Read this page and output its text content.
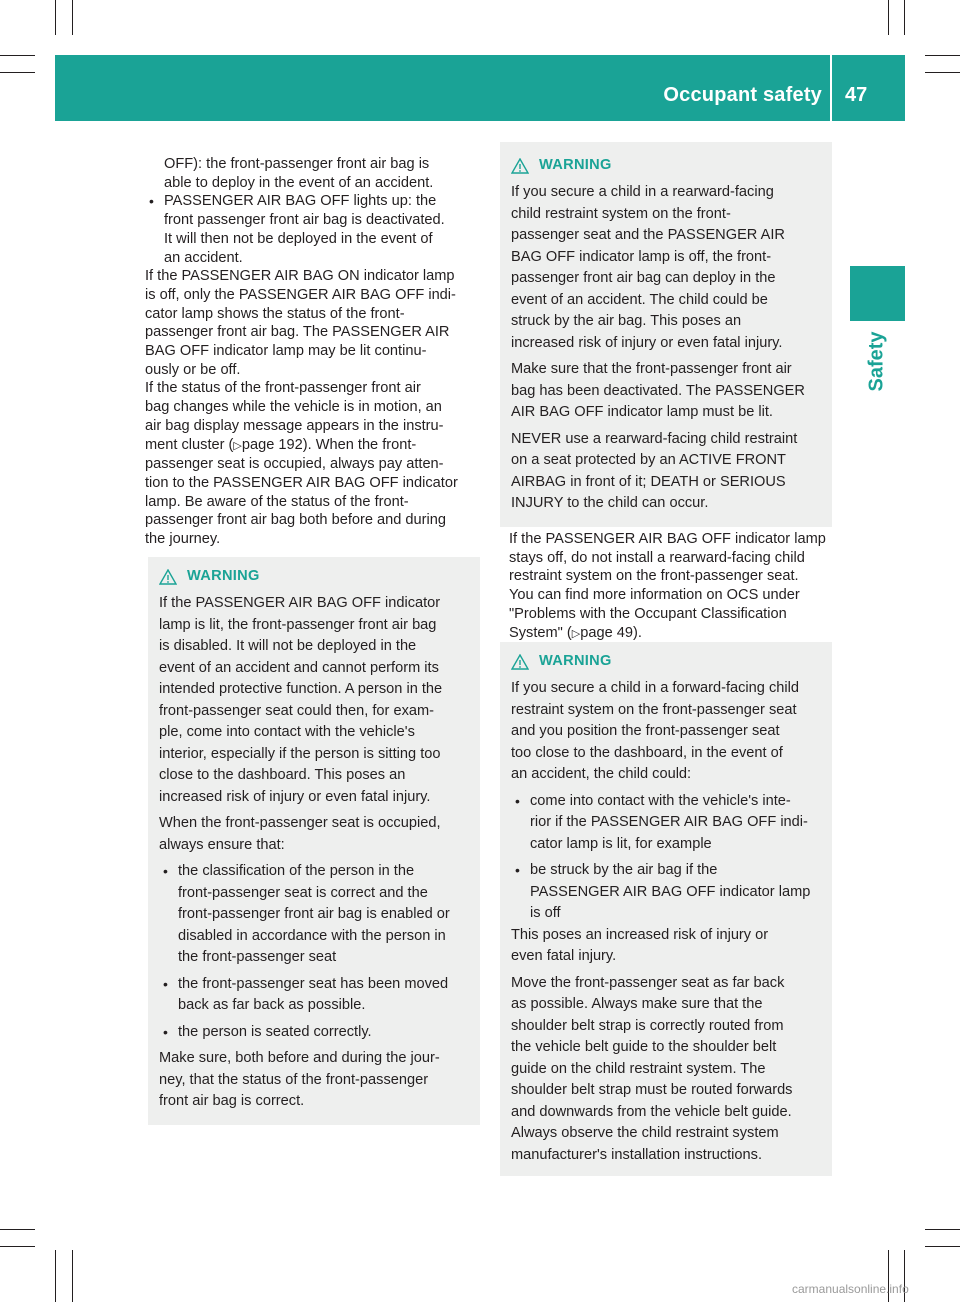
Occupant safety 47
Safety

OFF): the front-passenger front air bag is

able to deploy in the event of an accident.

• PASSENGER AIR BAG OFF lights up: the

front passenger front air bag is deactivated.

It will then not be deployed in the event of

an accident.

If the PASSENGER AIR BAG ON indicator lamp

is off, only the PASSENGER AIR BAG OFF indi-

cator lamp shows the status of the front-

passenger front air bag. The PASSENGER AIR

BAG OFF indicator lamp may be lit continu-

ously or be off.

If the status of the front-passenger front air

bag changes while the vehicle is in motion, an

air bag display message appears in the instru-

ment cluster (▷page 192). When the front-

passenger seat is occupied, always pay atten-

tion to the PASSENGER AIR BAG OFF indicator

lamp. Be aware of the status of the front-

passenger front air bag both before and during

the journey.

WARNING

If the PASSENGER AIR BAG OFF indicator

lamp is lit, the front-passenger front air bag

is disabled. It will not be deployed in the

event of an accident and cannot perform its

intended protective function. A person in the

front-passenger seat could then, for exam-

ple, come into contact with the vehicle's

interior, especially if the person is sitting too

close to the dashboard. This poses an

increased risk of injury or even fatal injury.

When the front-passenger seat is occupied,

always ensure that:

• the classification of the person in the

front-passenger seat is correct and the

front-passenger front air bag is enabled or

disabled in accordance with the person in

the front-passenger seat

• the front-passenger seat has been moved

back as far back as possible.

• the person is seated correctly.

Make sure, both before and during the jour-

ney, that the status of the front-passenger

front air bag is correct.

WARNING

If you secure a child in a rearward-facing

child restraint system on the front-

passenger seat and the PASSENGER AIR

BAG OFF indicator lamp is off, the front-

passenger front air bag can deploy in the

event of an accident. The child could be

struck by the air bag. This poses an

increased risk of injury or even fatal injury.

Make sure that the front-passenger front air

bag has been deactivated. The PASSENGER

AIR BAG OFF indicator lamp must be lit.

NEVER use a rearward-facing child restraint

on a seat protected by an ACTIVE FRONT

AIRBAG in front of it; DEATH or SERIOUS

INJURY to the child can occur.

If the PASSENGER AIR BAG OFF indicator lamp

stays off, do not install a rearward-facing child

restraint system on the front-passenger seat.

You can find more information on OCS under

"Problems with the Occupant Classification

System" (▷page 49).

WARNING

If you secure a child in a forward-facing child

restraint system on the front-passenger seat

and you position the front-passenger seat

too close to the dashboard, in the event of

an accident, the child could:

• come into contact with the vehicle's inte-

rior if the PASSENGER AIR BAG OFF indi-

cator lamp is lit, for example

• be struck by the air bag if the

PASSENGER AIR BAG OFF indicator lamp

is off

This poses an increased risk of injury or

even fatal injury.

Move the front-passenger seat as far back

as possible. Always make sure that the

shoulder belt strap is correctly routed from

the vehicle belt guide to the shoulder belt

guide on the child restraint system. The

shoulder belt strap must be routed forwards

and downwards from the vehicle belt guide.

Always observe the child restraint system

manufacturer's installation instructions.

carmanualsonline.info
